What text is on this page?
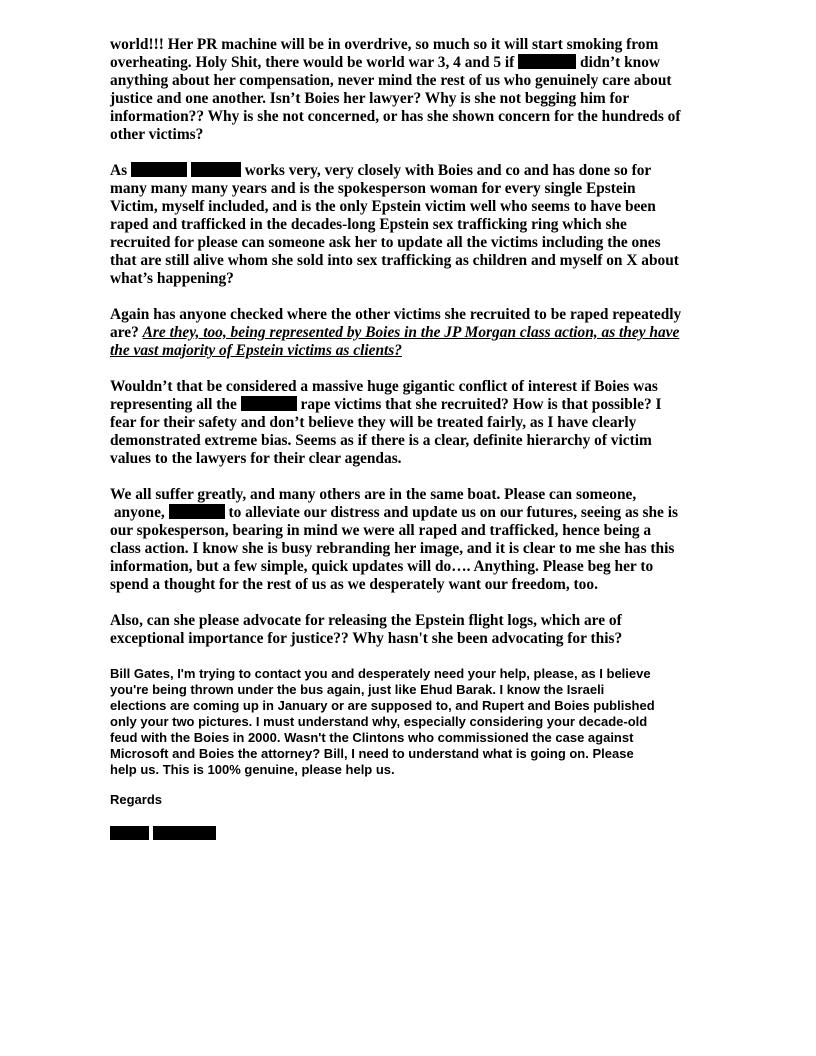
world!!! Her PR machine will be in overdrive, so much so it will start smoking from
overheating. Holy Shit, there would be world war 3, 4 and 5 if	didn’t know
anything about her compensation, never mind the rest of us who genuinely care about
justice and one another. Isn’t Boies her lawyer? Why is she not begging him for
information?? Why is she not concerned, or has she shown concern for the hundreds of
other victims?
As	works very, very closely with Boies and co and has done so for
many many many years and is the spokesperson woman for every single Epstein
Victim, myself included, and is the only Epstein victim well who seems to have been
raped and trafficked in the decades-long Epstein sex trafficking ring which she
recruited for please can someone ask her to update all the victims including the ones
that are still alive whom she sold into sex trafficking as children and myself on X about
what’s happening?
Again has anyone checked where the other victims she recruited to be raped repeatedly
are? Are they, too, being represented by Boies in the JP Morgan class action, as they have
the vast majority of Epstein victims as clients?
Wouldn’t that be considered a massive huge gigantic conflict of interest if Boies was
representing all the	rape victims that she recruited? How is that possible? I
fear for their safety and don’t believe they will be treated fairly, as I have clearly
demonstrated extreme bias. Seems as if there is a clear, definite hierarchy of victim
values to the lawyers for their clear agendas.
We all suffer greatly, and many others are in the same boat. Please can someone,
anyone,	to alleviate our distress and update us on our futures, seeing as she is
our spokesperson, bearing in mind we were all raped and trafficked, hence being a
class action. I know she is busy rebranding her image, and it is clear to me she has this
information, but a few simple, quick updates will do…. Anything. Please beg her to
spend a thought for the rest of us as we desperately want our freedom, too.
Also, can she please advocate for releasing the Epstein flight logs, which are of
exceptional importance for justice?? Why hasn't she been advocating for this?
Bill Gates, I'm trying to contact you and desperately need your help, please, as I believe
you're being thrown under the bus again, just like Ehud Barak. I know the Israeli
elections are coming up in January or are supposed to, and Rupert and Boies published
only your two pictures. I must understand why, especially considering your decade-old
feud with the Boies in 2000. Wasn't the Clintons who commissioned the case against
Microsoft and Boies the attorney? Bill, I need to understand what is going on. Please
help us. This is 100% genuine, please help us.
Regards
